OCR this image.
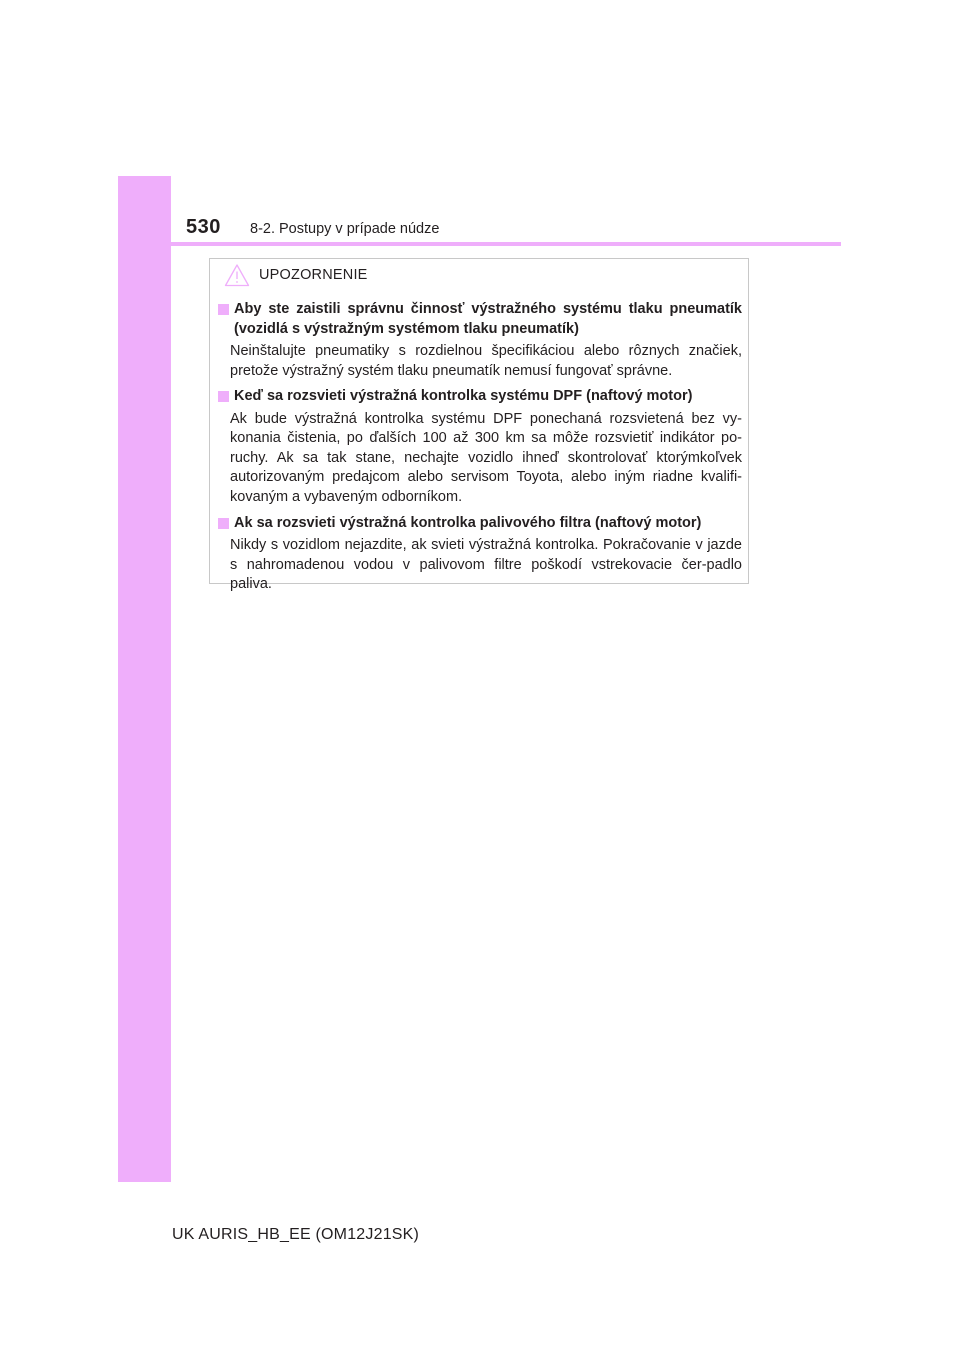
530 8-2. Postupy v prípade núdze
UPOZORNENIE
Aby ste zaistili správnu činnosť výstražného systému tlaku pneumatík (vozidlá s výstražným systémom tlaku pneumatík)
Neinštalujte pneumatiky s rozdielnou špecifikáciou alebo rôznych značiek, pretože výstražný systém tlaku pneumatík nemusí fungovať správne.
Keď sa rozsvieti výstražná kontrolka systému DPF (naftový motor)
Ak bude výstražná kontrolka systému DPF ponechaná rozsvietená bez vy-konania čistenia, po ďalších 100 až 300 km sa môže rozsvietiť indikátor po-ruchy. Ak sa tak stane, nechajte vozidlo ihneď skontrolovať ktorýmkoľvek autorizovaným predajcom alebo servisom Toyota, alebo iným riadne kvalifi-kovaným a vybaveným odborníkom.
Ak sa rozsvieti výstražná kontrolka palivového filtra (naftový motor)
Nikdy s vozidlom nejazdite, ak svieti výstražná kontrolka. Pokračovanie v jazde s nahromadenou vodou v palivovom filtre poškodí vstrekovacie čer-padlo paliva.
UK AURIS_HB_EE (OM12J21SK)
